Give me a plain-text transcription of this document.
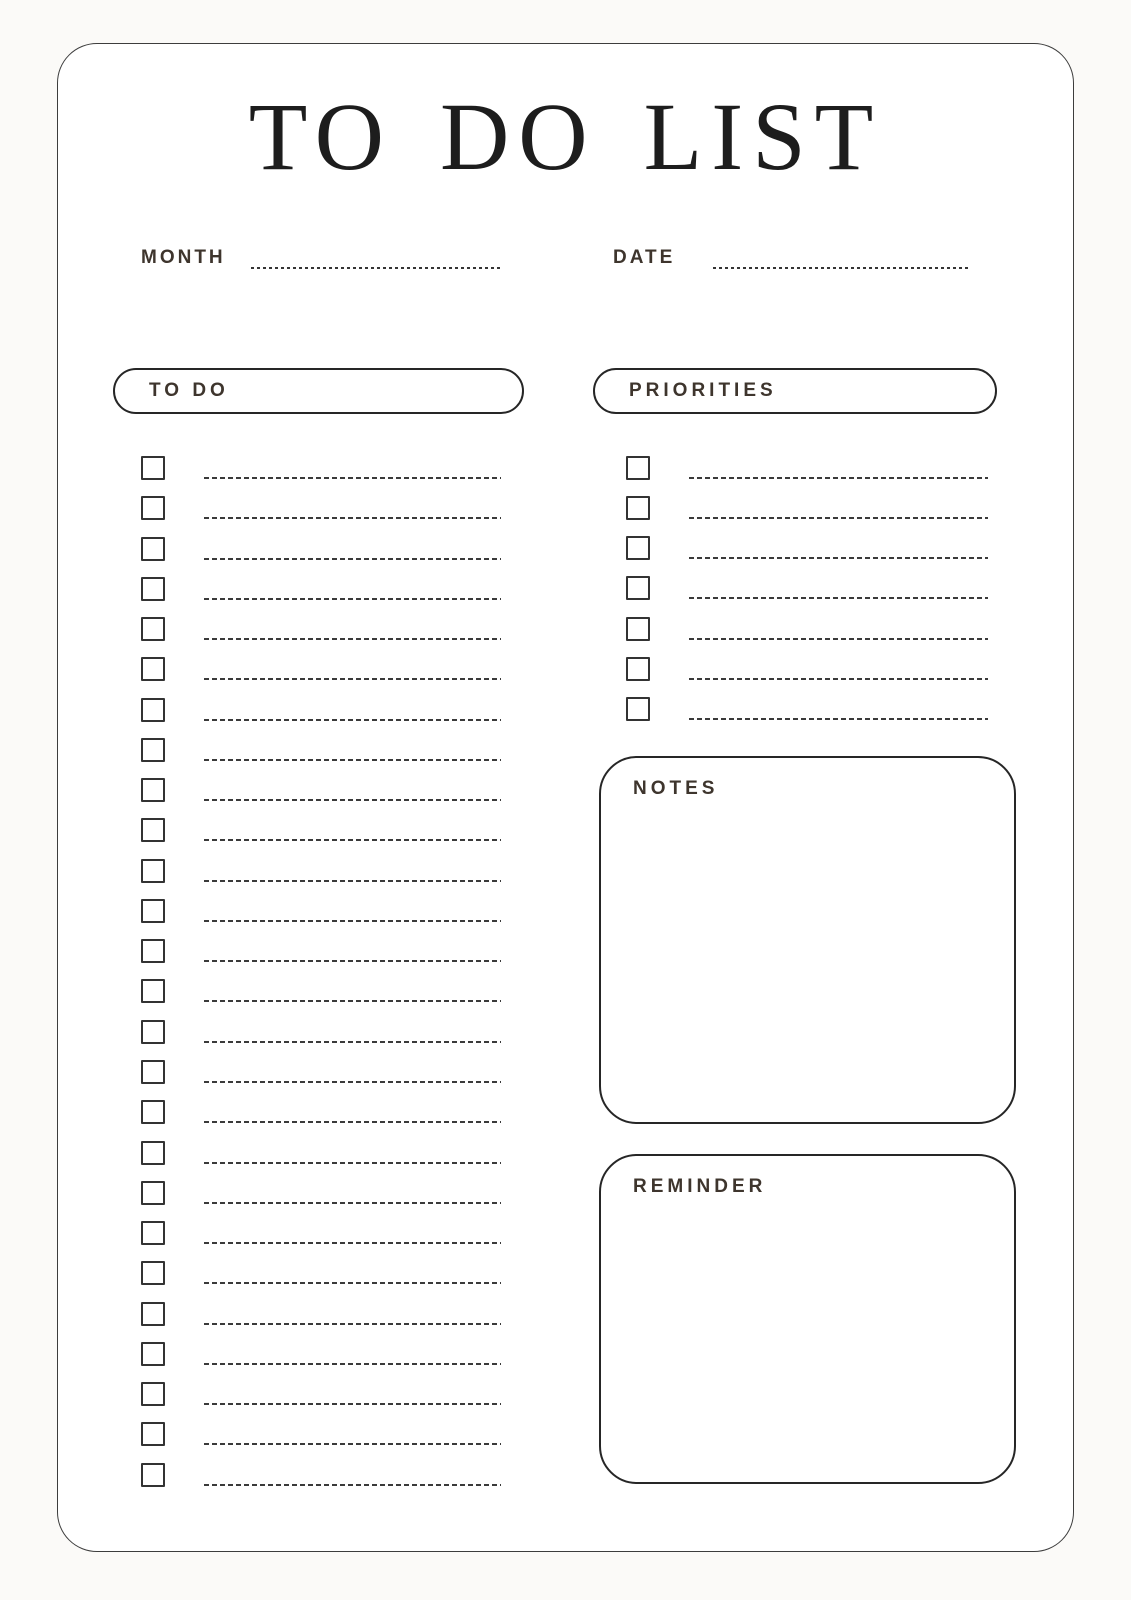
TO DO LIST
MONTH	DATE
TO DO	PRIORITIES
NOTES
REMINDER
